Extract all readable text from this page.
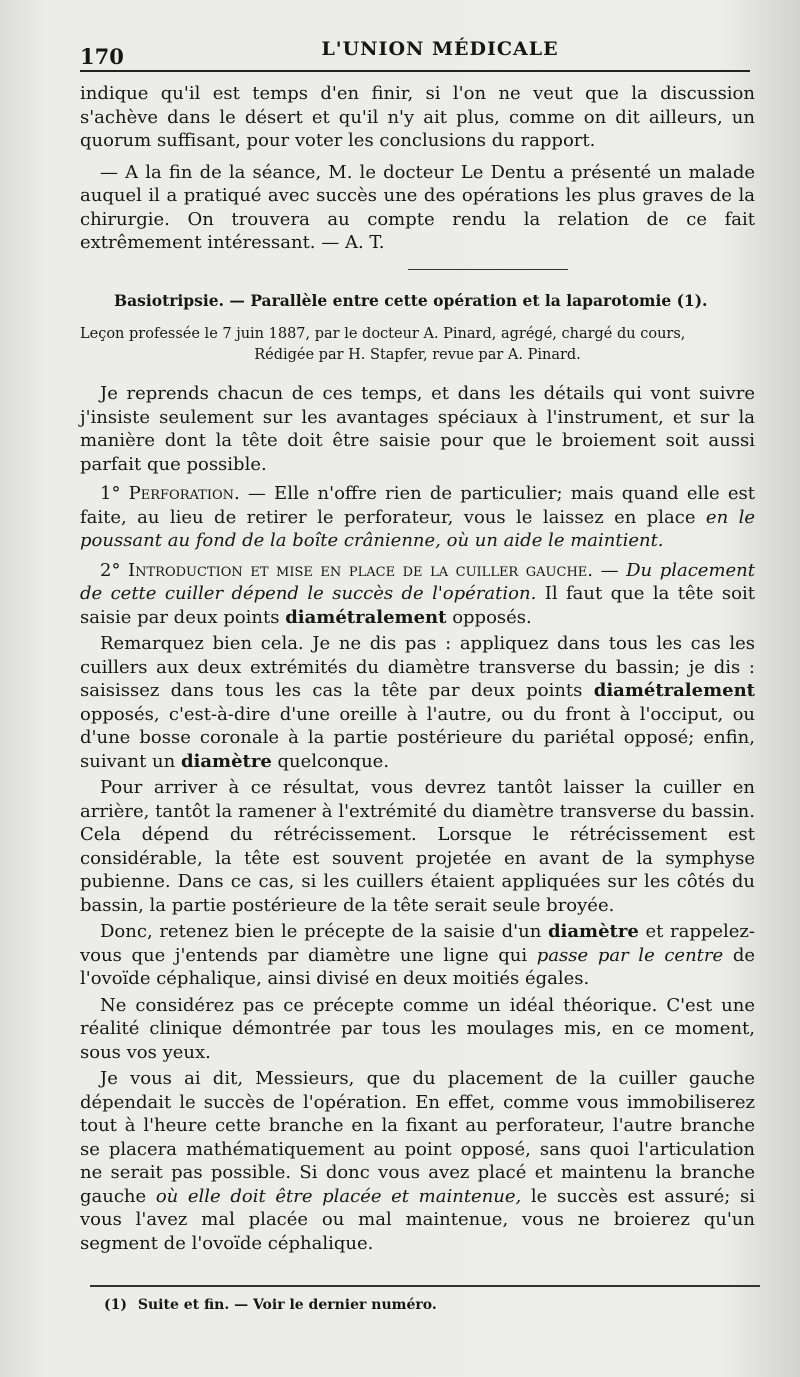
170	L'UNION MÉDICALE

indique qu'il est temps d'en finir, si l'on ne veut que la discussion s'achève dans le désert et qu'il n'y ait plus, comme on dit ailleurs, un quorum suffisant, pour voter les conclusions du rapport.

— A la fin de la séance, M. le docteur Le Dentu a présenté un malade auquel il a pratiqué avec succès une des opérations les plus graves de la chirurgie. On trouvera au compte rendu la relation de ce fait extrêmement intéressant. — A. T.

Basiotripsie. — Parallèle entre cette opération et la laparotomie (1).
Leçon professée le 7 juin 1887, par le docteur A. Pinard, agrégé, chargé du cours,
Rédigée par H. Stapfer, revue par A. Pinard.

Je reprends chacun de ces temps, et dans les détails qui vont suivre j'insiste seulement sur les avantages spéciaux à l'instrument, et sur la manière dont la tête doit être saisie pour que le broiement soit aussi parfait que possible.

1° Perforation. — Elle n'offre rien de particulier; mais quand elle est faite, au lieu de retirer le perforateur, vous le laissez en place en le poussant au fond de la boîte crânienne, où un aide le maintient.

2° Introduction et mise en place de la cuiller gauche. — Du placement de cette cuiller dépend le succès de l'opération. Il faut que la tête soit saisie par deux points diamétralement opposés.

Remarquez bien cela. Je ne dis pas : appliquez dans tous les cas les cuillers aux deux extrémités du diamètre transverse du bassin; je dis : saisissez dans tous les cas la tête par deux points diamétralement opposés, c'est-à-dire d'une oreille à l'autre, ou du front à l'occiput, ou d'une bosse coronale à la partie postérieure du pariétal opposé; enfin, suivant un diamètre quelconque.

Pour arriver à ce résultat, vous devrez tantôt laisser la cuiller en arrière, tantôt la ramener à l'extrémité du diamètre transverse du bassin. Cela dépend du rétrécissement. Lorsque le rétrécissement est considérable, la tête est souvent projetée en avant de la symphyse pubienne. Dans ce cas, si les cuillers étaient appliquées sur les côtés du bassin, la partie postérieure de la tête serait seule broyée.

Donc, retenez bien le précepte de la saisie d'un diamètre et rappelez-vous que j'entends par diamètre une ligne qui passe par le centre de l'ovoïde céphalique, ainsi divisé en deux moitiés égales.

Ne considérez pas ce précepte comme un idéal théorique. C'est une réalité clinique démontrée par tous les moulages mis, en ce moment, sous vos yeux.

Je vous ai dit, Messieurs, que du placement de la cuiller gauche dépendait le succès de l'opération. En effet, comme vous immobiliserez tout à l'heure cette branche en la fixant au perforateur, l'autre branche se placera mathématiquement au point opposé, sans quoi l'articulation ne serait pas possible. Si donc vous avez placé et maintenu la branche gauche où elle doit être placée et maintenue, le succès est assuré; si vous l'avez mal placée ou mal maintenue, vous ne broierez qu'un segment de l'ovoïde céphalique.

(1) Suite et fin. — Voir le dernier numéro.
